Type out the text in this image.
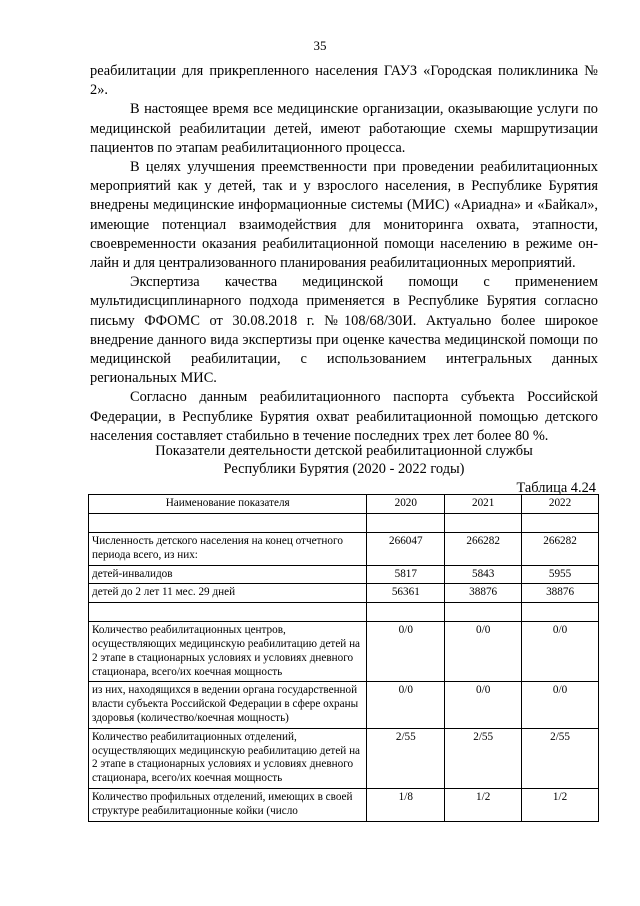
35

реабилитации для прикрепленного населения ГАУЗ «Городская поликлиника № 2».

В настоящее время все медицинские организации, оказывающие услуги по медицинской реабилитации детей, имеют работающие схемы маршрутизации пациентов по этапам реабилитационного процесса.

В целях улучшения преемственности при проведении реабилитационных мероприятий как у детей, так и у взрослого населения, в Республике Бурятия внедрены медицинские информационные системы (МИС) «Ариадна» и «Байкал», имеющие потенциал взаимодействия для мониторинга охвата, этапности, своевременности оказания реабилитационной помощи населению в режиме он-лайн и для централизованного планирования реабилитационных мероприятий.

Экспертиза качества медицинской помощи с применением мультидисциплинарного подхода применяется в Республике Бурятия согласно письму ФФОМС от 30.08.2018 г. №108/68/30И. Актуально более широкое внедрение данного вида экспертизы при оценке качества медицинской помощи по медицинской реабилитации, с использованием интегральных данных региональных МИС.

Согласно данным реабилитационного паспорта субъекта Российской Федерации, в Республике Бурятия охват реабилитационной помощью детского населения составляет стабильно в течение последних трех лет более 80 %.

Показатели деятельности детской реабилитационной службы
Республики Бурятия (2020 - 2022 годы)
Таблица 4.24
Наименование показателя	2020	2021	2022

Численность детского населения на конец отчетного периода всего, из них:	266047	266282	266282
детей-инвалидов	5817	5843	5955
детей до 2 лет 11 мес. 29 дней	56361	38876	38876

Количество реабилитационных центров, осуществляющих медицинскую реабилитацию детей на 2 этапе в стационарных условиях и условиях дневного стационара, всего/их коечная мощность	0/0	0/0	0/0
из них, находящихся в ведении органа государственной власти субъекта Российской Федерации в сфере охраны здоровья (количество/коечная мощность)	0/0	0/0	0/0
Количество реабилитационных отделений, осуществляющих медицинскую реабилитацию детей на 2 этапе в стационарных условиях и условиях дневного стационара, всего/их коечная мощность	2/55	2/55	2/55
Количество профильных отделений, имеющих в своей структуре реабилитационные койки (число	1/8	1/2	1/2
